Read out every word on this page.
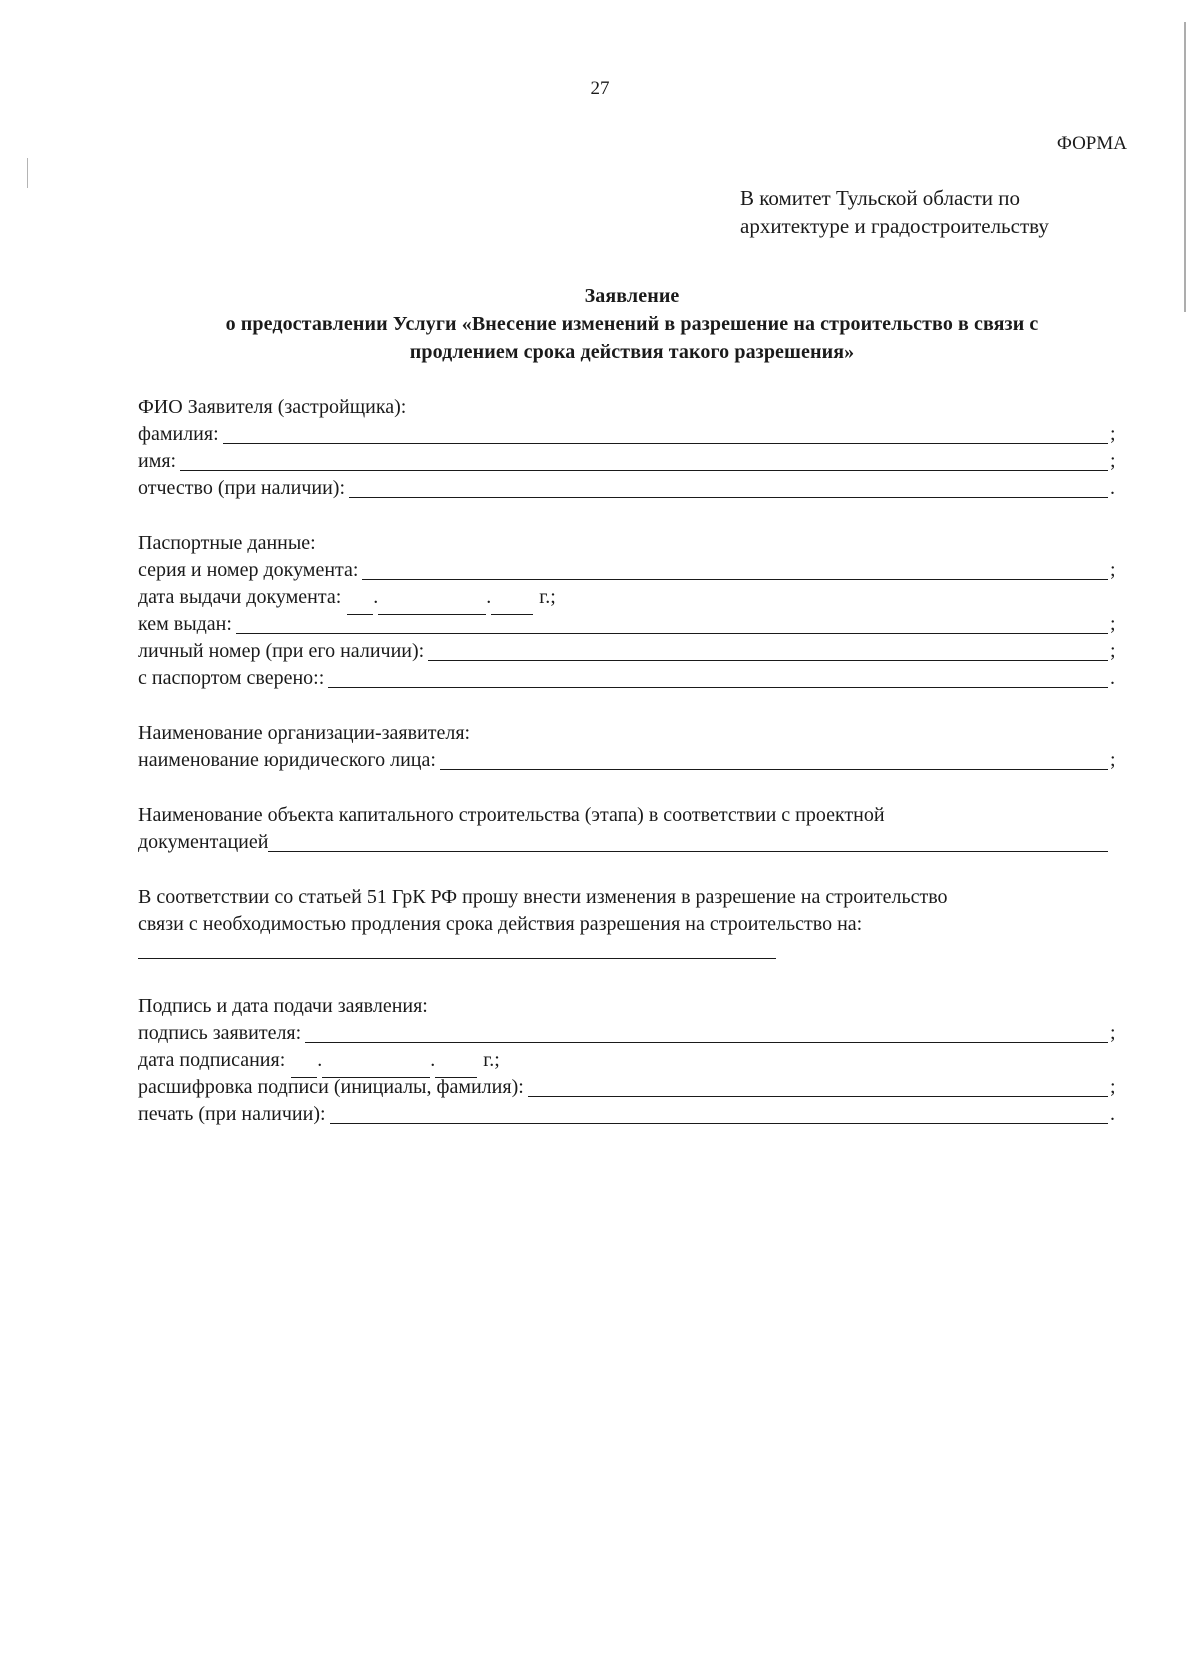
27
ФОРМА
В комитет Тульской области по
архитектуре и градостроительству
Заявление
о предоставлении Услуги «Внесение изменений в разрешение на строительство в связи с
продлением срока действия такого разрешения»
ФИО Заявителя (застройщика):
фамилия:	;
имя:	;
отчество (при наличии):	.
Паспортные данные:
серия и номер документа:	;
дата выдачи документа: .	. г.;
кем выдан:	;
личный номер (при его наличии):	;
с паспортом сверено::	.
Наименование организации-заявителя:
наименование юридического лица:	;
Наименование объекта капитального строительства (этапа) в соответствии с проектной
документацией
В соответствии со статьей 51 ГрК РФ прошу внести изменения в разрешение на строительство
связи с необходимостью продления срока действия разрешения на строительство на:
Подпись и дата подачи заявления:
подпись заявителя:	;
дата подписания: .	. г.;
расшифровка подписи (инициалы, фамилия):	;
печать (при наличии):	.
